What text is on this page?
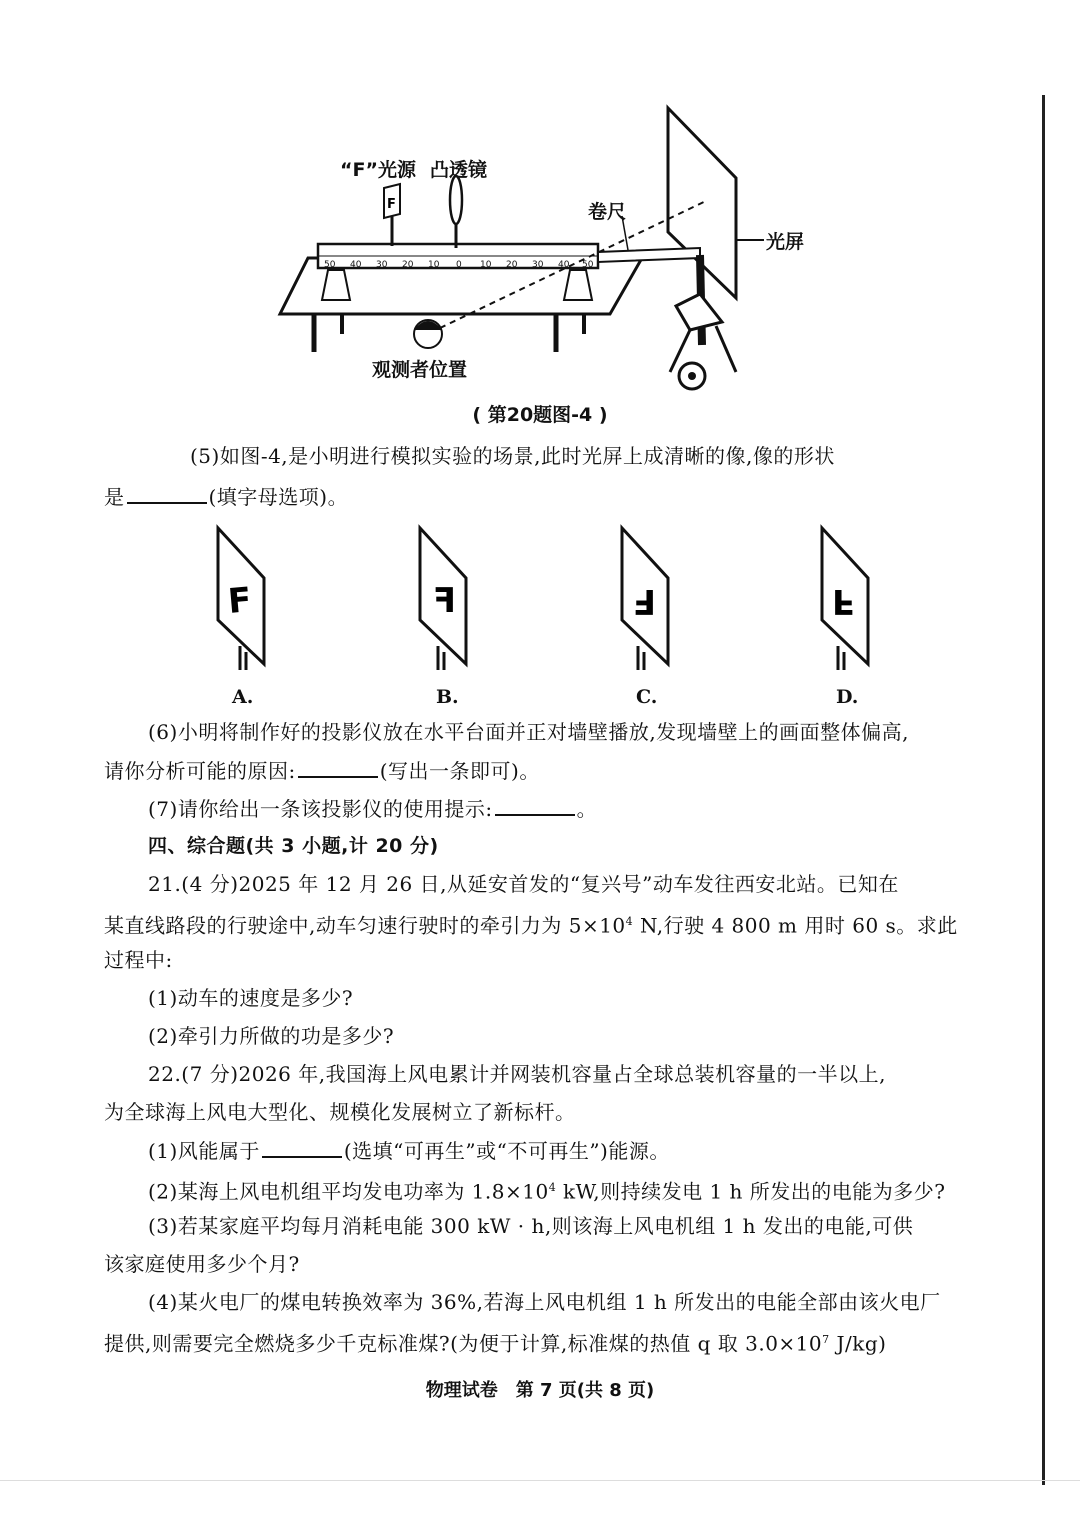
50 40 30 20 10 0 10 20 30 40 50
F
“F”光源 凸透镜
卷尺
光屏
观测者位置
( 第20题图-4 )
(5)如图-4,是小明进行模拟实验的场景,此时光屏上成清晰的像,像的形状
是	(填字母选项)。
F	F	F	F
A.	B.	C.	D.
(6)小明将制作好的投影仪放在水平台面并正对墙壁播放,发现墙壁上的画面整体偏高,
请你分析可能的原因:	(写出一条即可)。
(7)请你给出一条该投影仪的使用提示:	。
四、综合题(共 3 小题,计 20 分)
21.(4 分)2025 年 12 月 26 日,从延安首发的“复兴号”动车发往西安北站。已知在
某直线路段的行驶途中,动车匀速行驶时的牵引力为 $5\times 10^4$ N,行驶 4 800 m 用时 60 s。求此
过程中:
(1)动车的速度是多少?
(2)牵引力所做的功是多少?
22.(7 分)2026 年,我国海上风电累计并网装机容量占全球总装机容量的一半以上,
为全球海上风电大型化、规模化发展树立了新标杆。
(1)风能属于	(选填“可再生”或“不可再生”)能源。
(2)某海上风电机组平均发电功率为 $1.8\times 10^4$ kW,则持续发电 1 h 所发出的电能为多少?
(3)若某家庭平均每月消耗电能 300 kW · h,则该海上风电机组 1 h 发出的电能,可供
该家庭使用多少个月?
(4)某火电厂的煤电转换效率为 36%,若海上风电机组 1 h 所发出的电能全部由该火电厂
提供,则需要完全燃烧多少千克标准煤?(为便于计算,标准煤的热值 q 取 $3.0\times 10^7$ J/kg)
物理试卷　第 7 页(共 8 页)
